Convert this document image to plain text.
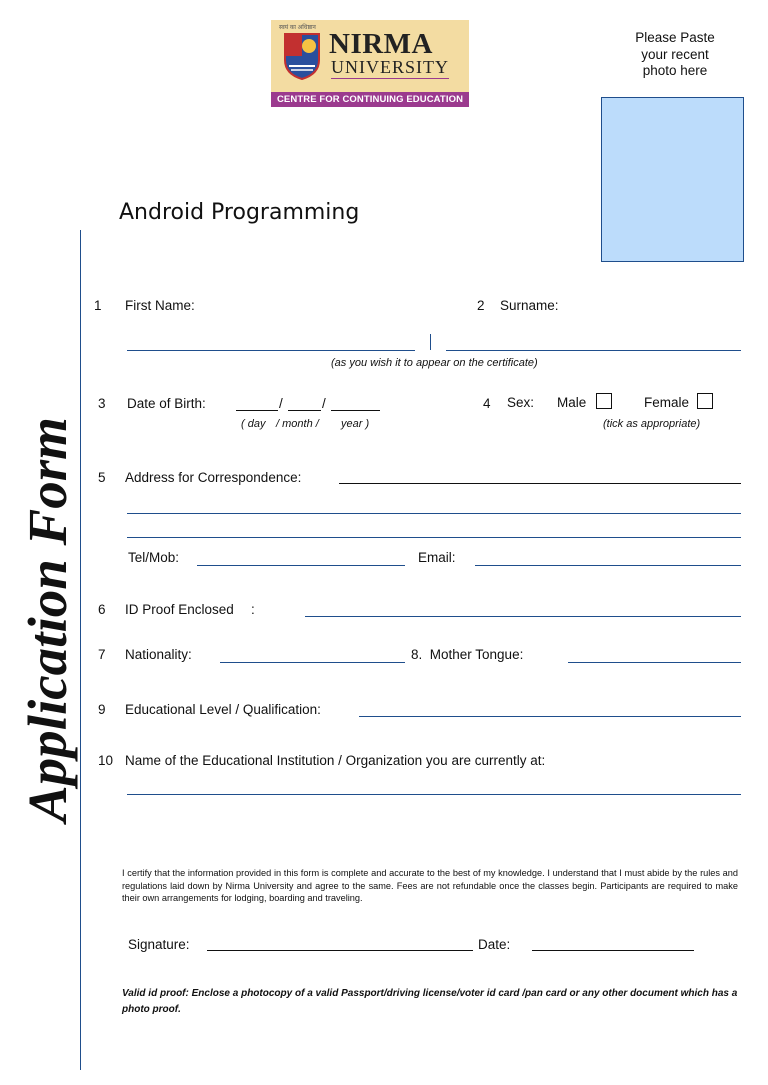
स्वयं का अधिष्ठान NIRMA
UNIVERSITY
CENTRE FOR CONTINUING EDUCATION
Please Paste your recent photo here
Android Programming
Application Form
1 First Name:	2 Surname:
(as you wish it to appear on the certificate)
3 Date of Birth:	/	/
( day / month / year )
4 Sex: Male	Female
(tick as appropriate)
5 Address for Correspondence:
Tel/Mob:	Email:
6 ID Proof Enclosed :
7 Nationality:	8.  Mother Tongue:
9 Educational Level / Qualification:
10 Name of the Educational Institution / Organization you are currently at:
I certify that the information provided in this form is complete and accurate to the best of my knowledge. I understand that I must abide by the rules and regulations laid down by Nirma University and agree to the same. Fees are not refundable once the classes begin. Participants are required to make their own arrangements for lodging, boarding and traveling.
Signature:	Date:
Valid id proof: Enclose a photocopy of a valid Passport/driving license/voter id card /pan card or any other document which has a photo proof.
